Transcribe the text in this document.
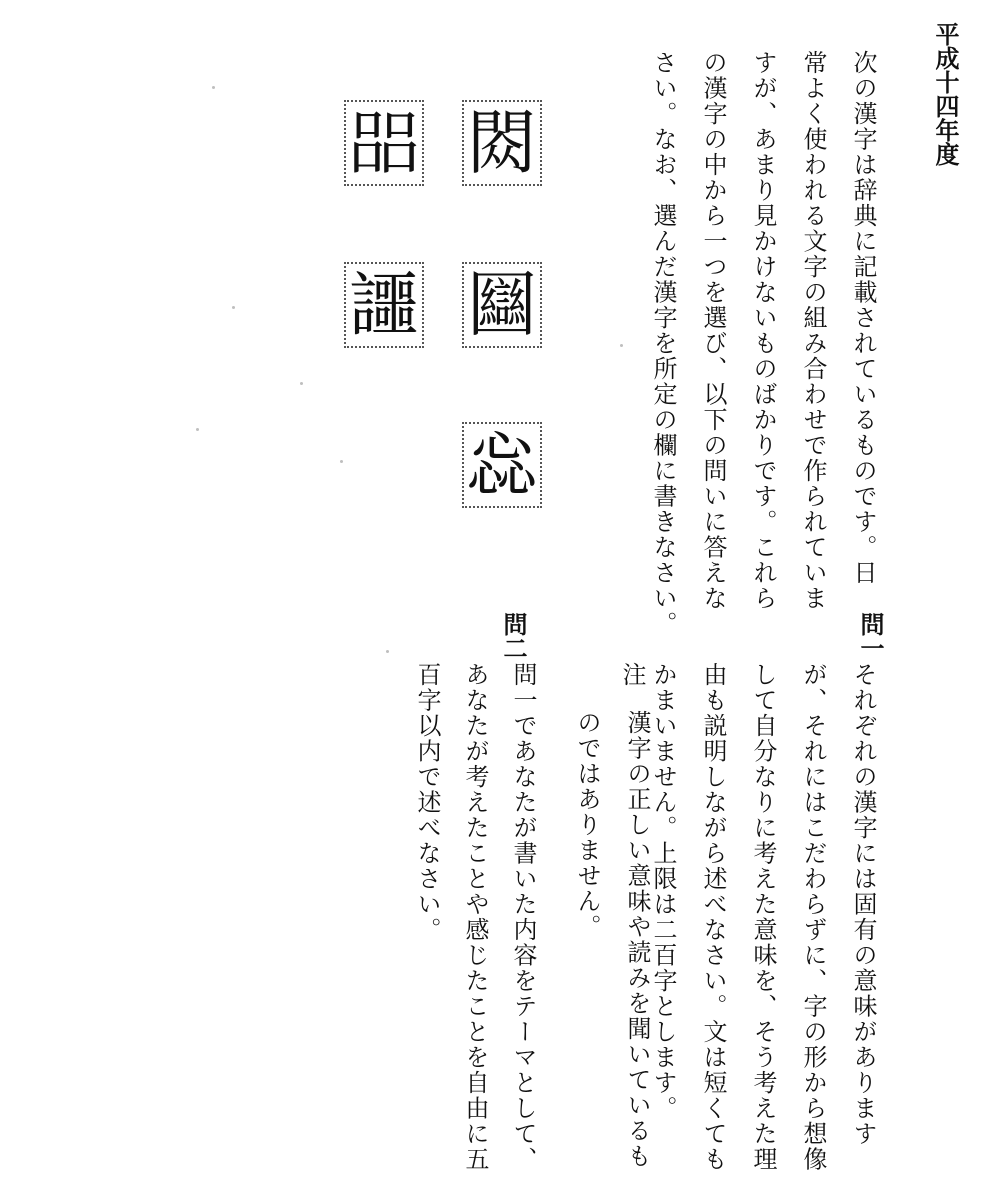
平成十四年度
次の漢字は辞典に記載されているものです。日
常よく使われる文字の組み合わせで作られていま
すが、あまり見かけないものばかりです。これら
の漢字の中から一つを選び、以下の問いに答えな
さい。なお、選んだ漢字を所定の欄に書きなさい。
閦
㗊
圝
讍
惢
問一
それぞれの漢字には固有の意味があります
が、それにはこだわらずに、字の形から想像
して自分なりに考えた意味を、そう考えた理
由も説明しながら述べなさい。文は短くても
かまいません。上限は二百字とします。
注
漢字の正しい意味や読みを聞いているも
のではありません。
問二
問一であなたが書いた内容をテーマとして、
あなたが考えたことや感じたことを自由に五
百字以内で述べなさい。
